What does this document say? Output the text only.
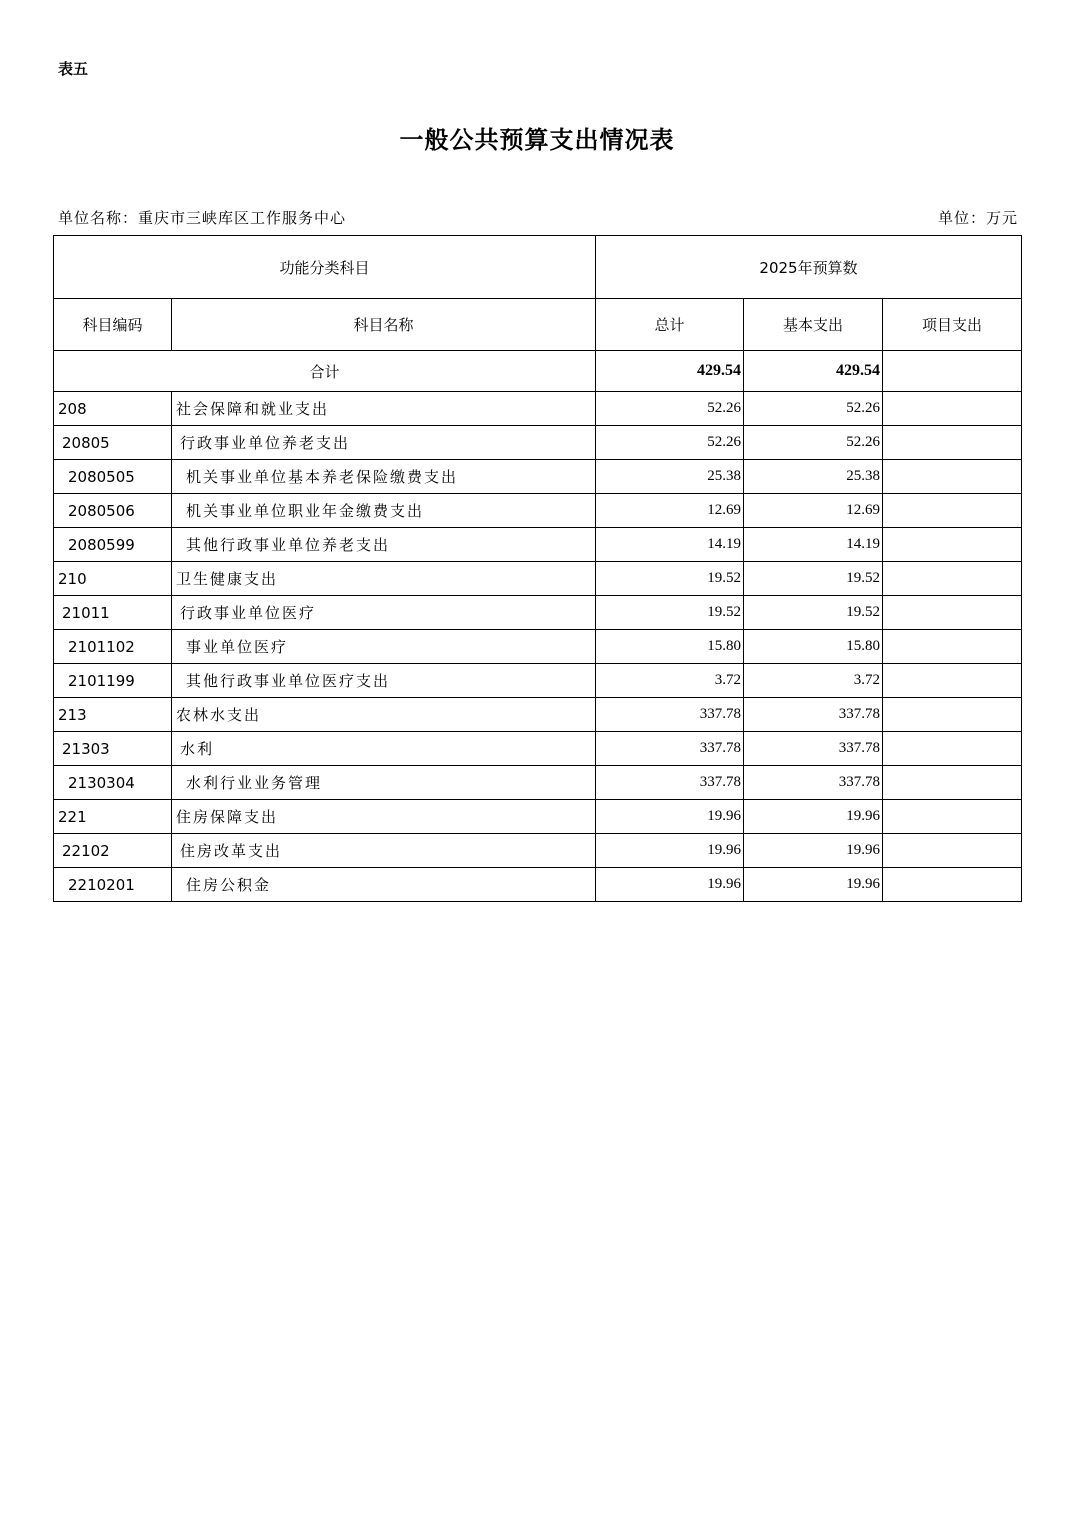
表五
一般公共预算支出情况表
单位名称：重庆市三峡库区工作服务中心	单位：万元
功能分类科目		2025年预算数		
科目编码	科目名称	总计	基本支出	项目支出
合计		429.54	429.54	
208	社会保障和就业支出	52.26	52.26	
20805	行政事业单位养老支出	52.26	52.26	
2080505	机关事业单位基本养老保险缴费支出	25.38	25.38	
2080506	机关事业单位职业年金缴费支出	12.69	12.69	
2080599	其他行政事业单位养老支出	14.19	14.19	
210	卫生健康支出	19.52	19.52	
21011	行政事业单位医疗	19.52	19.52	
2101102	事业单位医疗	15.80	15.80	
2101199	其他行政事业单位医疗支出	3.72	3.72	
213	农林水支出	337.78	337.78	
21303	水利	337.78	337.78	
2130304	水利行业业务管理	337.78	337.78	
221	住房保障支出	19.96	19.96	
22102	住房改革支出	19.96	19.96	
2210201	住房公积金	19.96	19.96	
